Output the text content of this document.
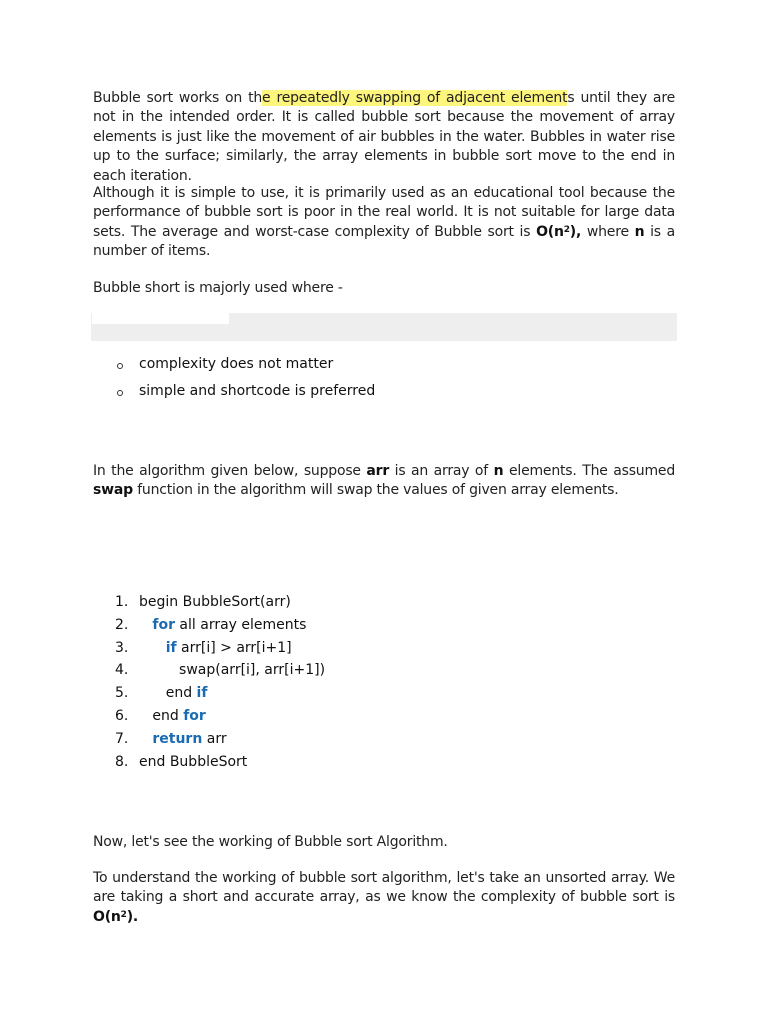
Bubble sort works on the repeatedly swapping of adjacent elements until they are not in the intended order. It is called bubble sort because the movement of array elements is just like the movement of air bubbles in the water. Bubbles in water rise up to the surface; similarly, the array elements in bubble sort move to the end in each iteration.

Although it is simple to use, it is primarily used as an educational tool because the performance of bubble sort is poor in the real world. It is not suitable for large data sets. The average and worst-case complexity of Bubble sort is $O(n^2)$, where n is a number of items.

Bubble short is majorly used where -

In the algorithm given below, suppose arr is an array of n elements. The assumed swap function in the algorithm will swap the values of given array elements.

Now, let's see the working of Bubble sort Algorithm.

To understand the working of bubble sort algorithm, let's take an unsorted array. We are taking a short and accurate array, as we know the complexity of bubble sort is $O(n^2)$.

complexity does not matter
simple and shortcode is preferred
1. begin BubbleSort(arr)
2.	for all array elements
3.	if arr[i] > arr[i+1]
4. swap(arr[i], arr[i+1])
5. end if
6. end for
7.	return arr
8. end BubbleSort
